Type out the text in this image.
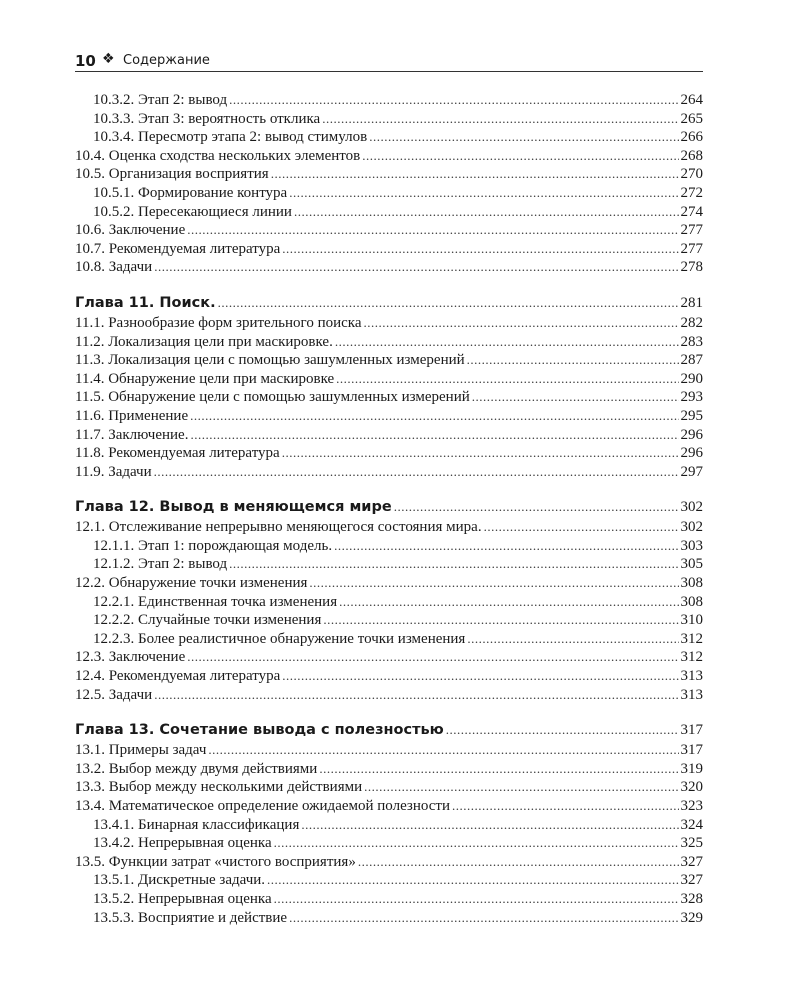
10 ❖ Содержание
10.3.2. Этап 2: вывод .....	264
10.3.3. Этап 3: вероятность отклика .....	265
10.3.4. Пересмотр этапа 2: вывод стимулов .....	266
10.4. Оценка сходства нескольких элементов .....	268
10.5. Организация восприятия .....	270
10.5.1. Формирование контура .....	272
10.5.2. Пересекающиеся линии .....	274
10.6. Заключение .....	277
10.7. Рекомендуемая литература .....	277
10.8. Задачи .....	278
Глава 11. Поиск. .....	281
11.1. Разнообразие форм зрительного поиска .....	282
11.2. Локализация цели при маскировке. .....	283
11.3. Локализация цели с помощью зашумленных измерений .....	287
11.4. Обнаружение цели при маскировке .....	290
11.5. Обнаружение цели с помощью зашумленных измерений .....	293
11.6. Применение .....	295
11.7. Заключение. .....	296
11.8. Рекомендуемая литература .....	296
11.9. Задачи .....	297
Глава 12. Вывод в меняющемся мире .....	302
12.1. Отслеживание непрерывно меняющегося состояния мира. .....	302
12.1.1. Этап 1: порождающая модель. .....	303
12.1.2. Этап 2: вывод .....	305
12.2. Обнаружение точки изменения .....	308
12.2.1. Единственная точка изменения .....	308
12.2.2. Случайные точки изменения .....	310
12.2.3. Более реалистичное обнаружение точки изменения .....	312
12.3. Заключение .....	312
12.4. Рекомендуемая литература .....	313
12.5. Задачи .....	313
Глава 13. Сочетание вывода с полезностью .....	317
13.1. Примеры задач .....	317
13.2. Выбор между двумя действиями .....	319
13.3. Выбор между несколькими действиями .....	320
13.4. Математическое определение ожидаемой полезности .....	323
13.4.1. Бинарная классификация .....	324
13.4.2. Непрерывная оценка .....	325
13.5. Функции затрат «чистого восприятия» .....	327
13.5.1. Дискретные задачи. .....	327
13.5.2. Непрерывная оценка .....	328
13.5.3. Восприятие и действие .....	329
